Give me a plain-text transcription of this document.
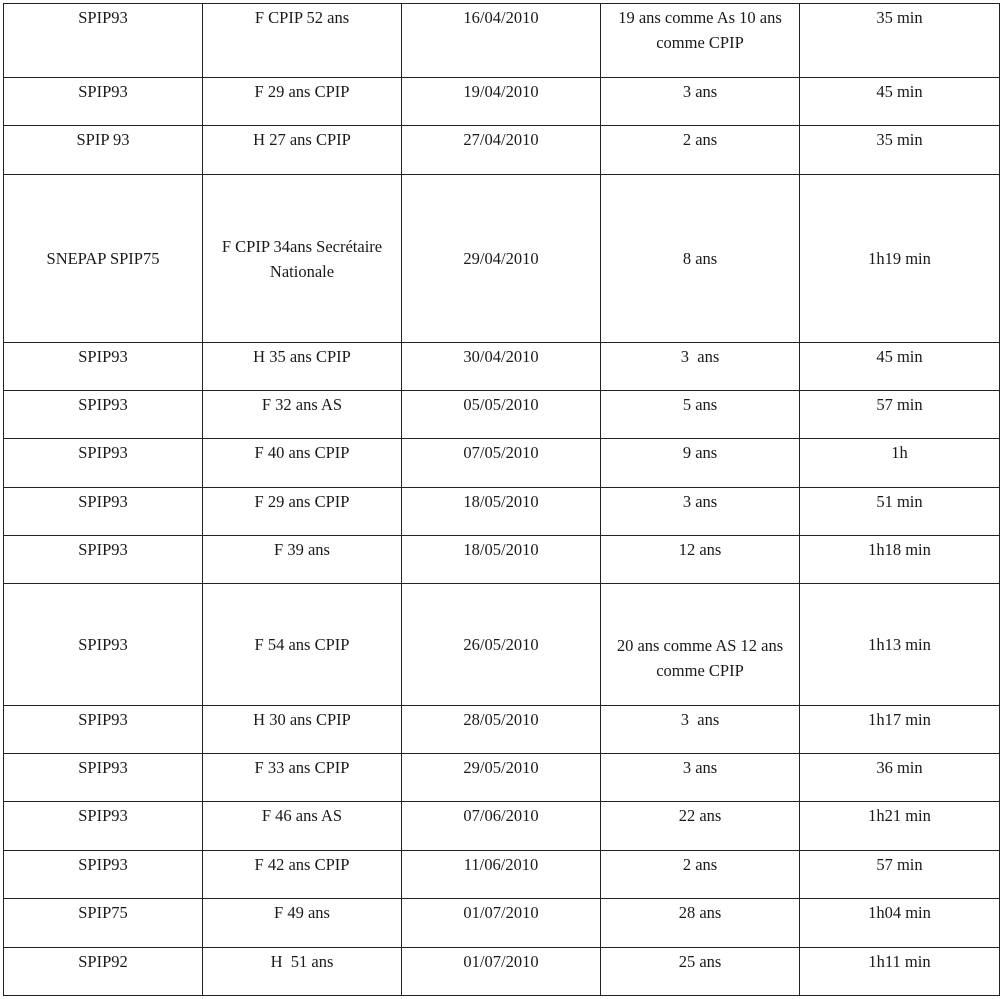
SPIP93	F CPIP 52 ans	16/04/2010	19 ans comme As 10 ans comme CPIP	35 min

SPIP93	F 29 ans CPIP	19/04/2010	3 ans	45 min

SPIP 93	H 27 ans CPIP	27/04/2010	2 ans	35 min

SNEPAP SPIP75	F CPIP 34ans Secrétaire Nationale	29/04/2010	8 ans	1h19 min

SPIP93	H 35 ans CPIP	30/04/2010	3  ans	45 min

SPIP93	F 32 ans AS	05/05/2010	5 ans	57 min

SPIP93	F 40 ans CPIP	07/05/2010	9 ans	1h

SPIP93	F 29 ans CPIP	18/05/2010	3 ans	51 min

SPIP93	F 39 ans	18/05/2010	12 ans	1h18 min

SPIP93	F 54 ans CPIP	26/05/2010	20 ans comme AS 12 ans comme CPIP	1h13 min

SPIP93	H 30 ans CPIP	28/05/2010	3  ans	1h17 min

SPIP93	F 33 ans CPIP	29/05/2010	3 ans	36 min

SPIP93	F 46 ans AS	07/06/2010	22 ans	1h21 min

SPIP93	F 42 ans CPIP	11/06/2010	2 ans	57 min

SPIP75	F 49 ans	01/07/2010	28 ans	1h04 min

SPIP92	H  51 ans	01/07/2010	25 ans	1h11 min
